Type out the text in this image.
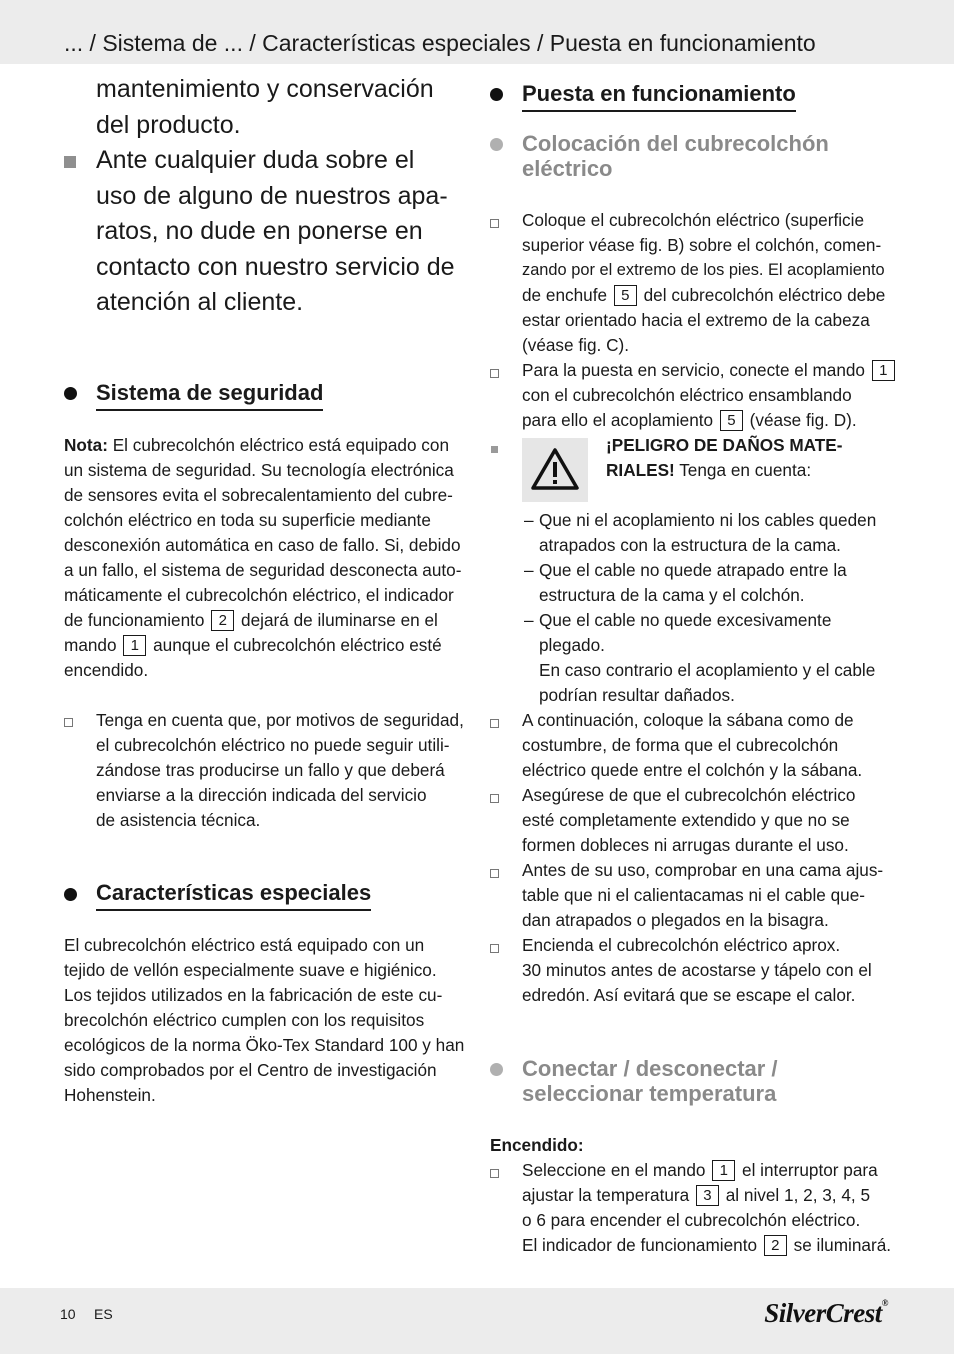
... / Sistema de ... / Características especiales / Puesta en funcionamiento
mantenimiento y conservación
del producto.
Ante cualquier duda sobre el
uso de alguno de nuestros apa-
ratos, no dude en ponerse en
contacto con nuestro servicio de
atención al cliente.
Sistema de seguridad
Nota: El cubrecolchón eléctrico está equipado con
un sistema de seguridad. Su tecnología electrónica
de sensores evita el sobrecalentamiento del cubre-
colchón eléctrico en toda su superficie mediante
desconexión automática en caso de fallo. Si, debido
a un fallo, el sistema de seguridad desconecta auto-
máticamente el cubrecolchón eléctrico, el indicador
de funcionamiento 2 dejará de iluminarse en el
mando 1 aunque el cubrecolchón eléctrico esté
encendido.
Tenga en cuenta que, por motivos de seguridad,
el cubrecolchón eléctrico no puede seguir utili-
zándose tras producirse un fallo y que deberá
enviarse a la dirección indicada del servicio
de asistencia técnica.
Características especiales
El cubrecolchón eléctrico está equipado con un
tejido de vellón especialmente suave e higiénico.
Los tejidos utilizados en la fabricación de este cu-
brecolchón eléctrico cumplen con los requisitos
ecológicos de la norma Öko-Tex Standard 100 y han
sido comprobados por el Centro de investigación
Hohenstein.
Puesta en funcionamiento
Colocación del cubrecolchón
eléctrico
Coloque el cubrecolchón eléctrico (superficie
superior véase fig. B) sobre el colchón, comen-
zando por el extremo de los pies. El acoplamiento
de enchufe 5 del cubrecolchón eléctrico debe
estar orientado hacia el extremo de la cabeza
(véase fig. C).
Para la puesta en servicio, conecte el mando 1
con el cubrecolchón eléctrico ensamblando
para ello el acoplamiento 5 (véase fig. D).
¡PELIGRO DE DAÑOS MATE-
RIALES! Tenga en cuenta:
– Que ni el acoplamiento ni los cables queden
atrapados con la estructura de la cama.
– Que el cable no quede atrapado entre la
estructura de la cama y el colchón.
– Que el cable no quede excesivamente
plegado.
En caso contrario el acoplamiento y el cable
podrían resultar dañados.
A continuación, coloque la sábana como de
costumbre, de forma que el cubrecolchón
eléctrico quede entre el colchón y la sábana.
Asegúrese de que el cubrecolchón eléctrico
esté completamente extendido y que no se
formen dobleces ni arrugas durante el uso.
Antes de su uso, comprobar en una cama ajus-
table que ni el calientacamas ni el cable que-
dan atrapados o plegados en la bisagra.
Encienda el cubrecolchón eléctrico aprox.
30 minutos antes de acostarse y tápelo con el
edredón. Así evitará que se escape el calor.
Conectar / desconectar /
seleccionar temperatura
Encendido:
Seleccione en el mando 1 el interruptor para
ajustar la temperatura 3 al nivel 1, 2, 3, 4, 5
o 6 para encender el cubrecolchón eléctrico.
El indicador de funcionamiento 2 se iluminará.
10 ES	SilverCrest®
